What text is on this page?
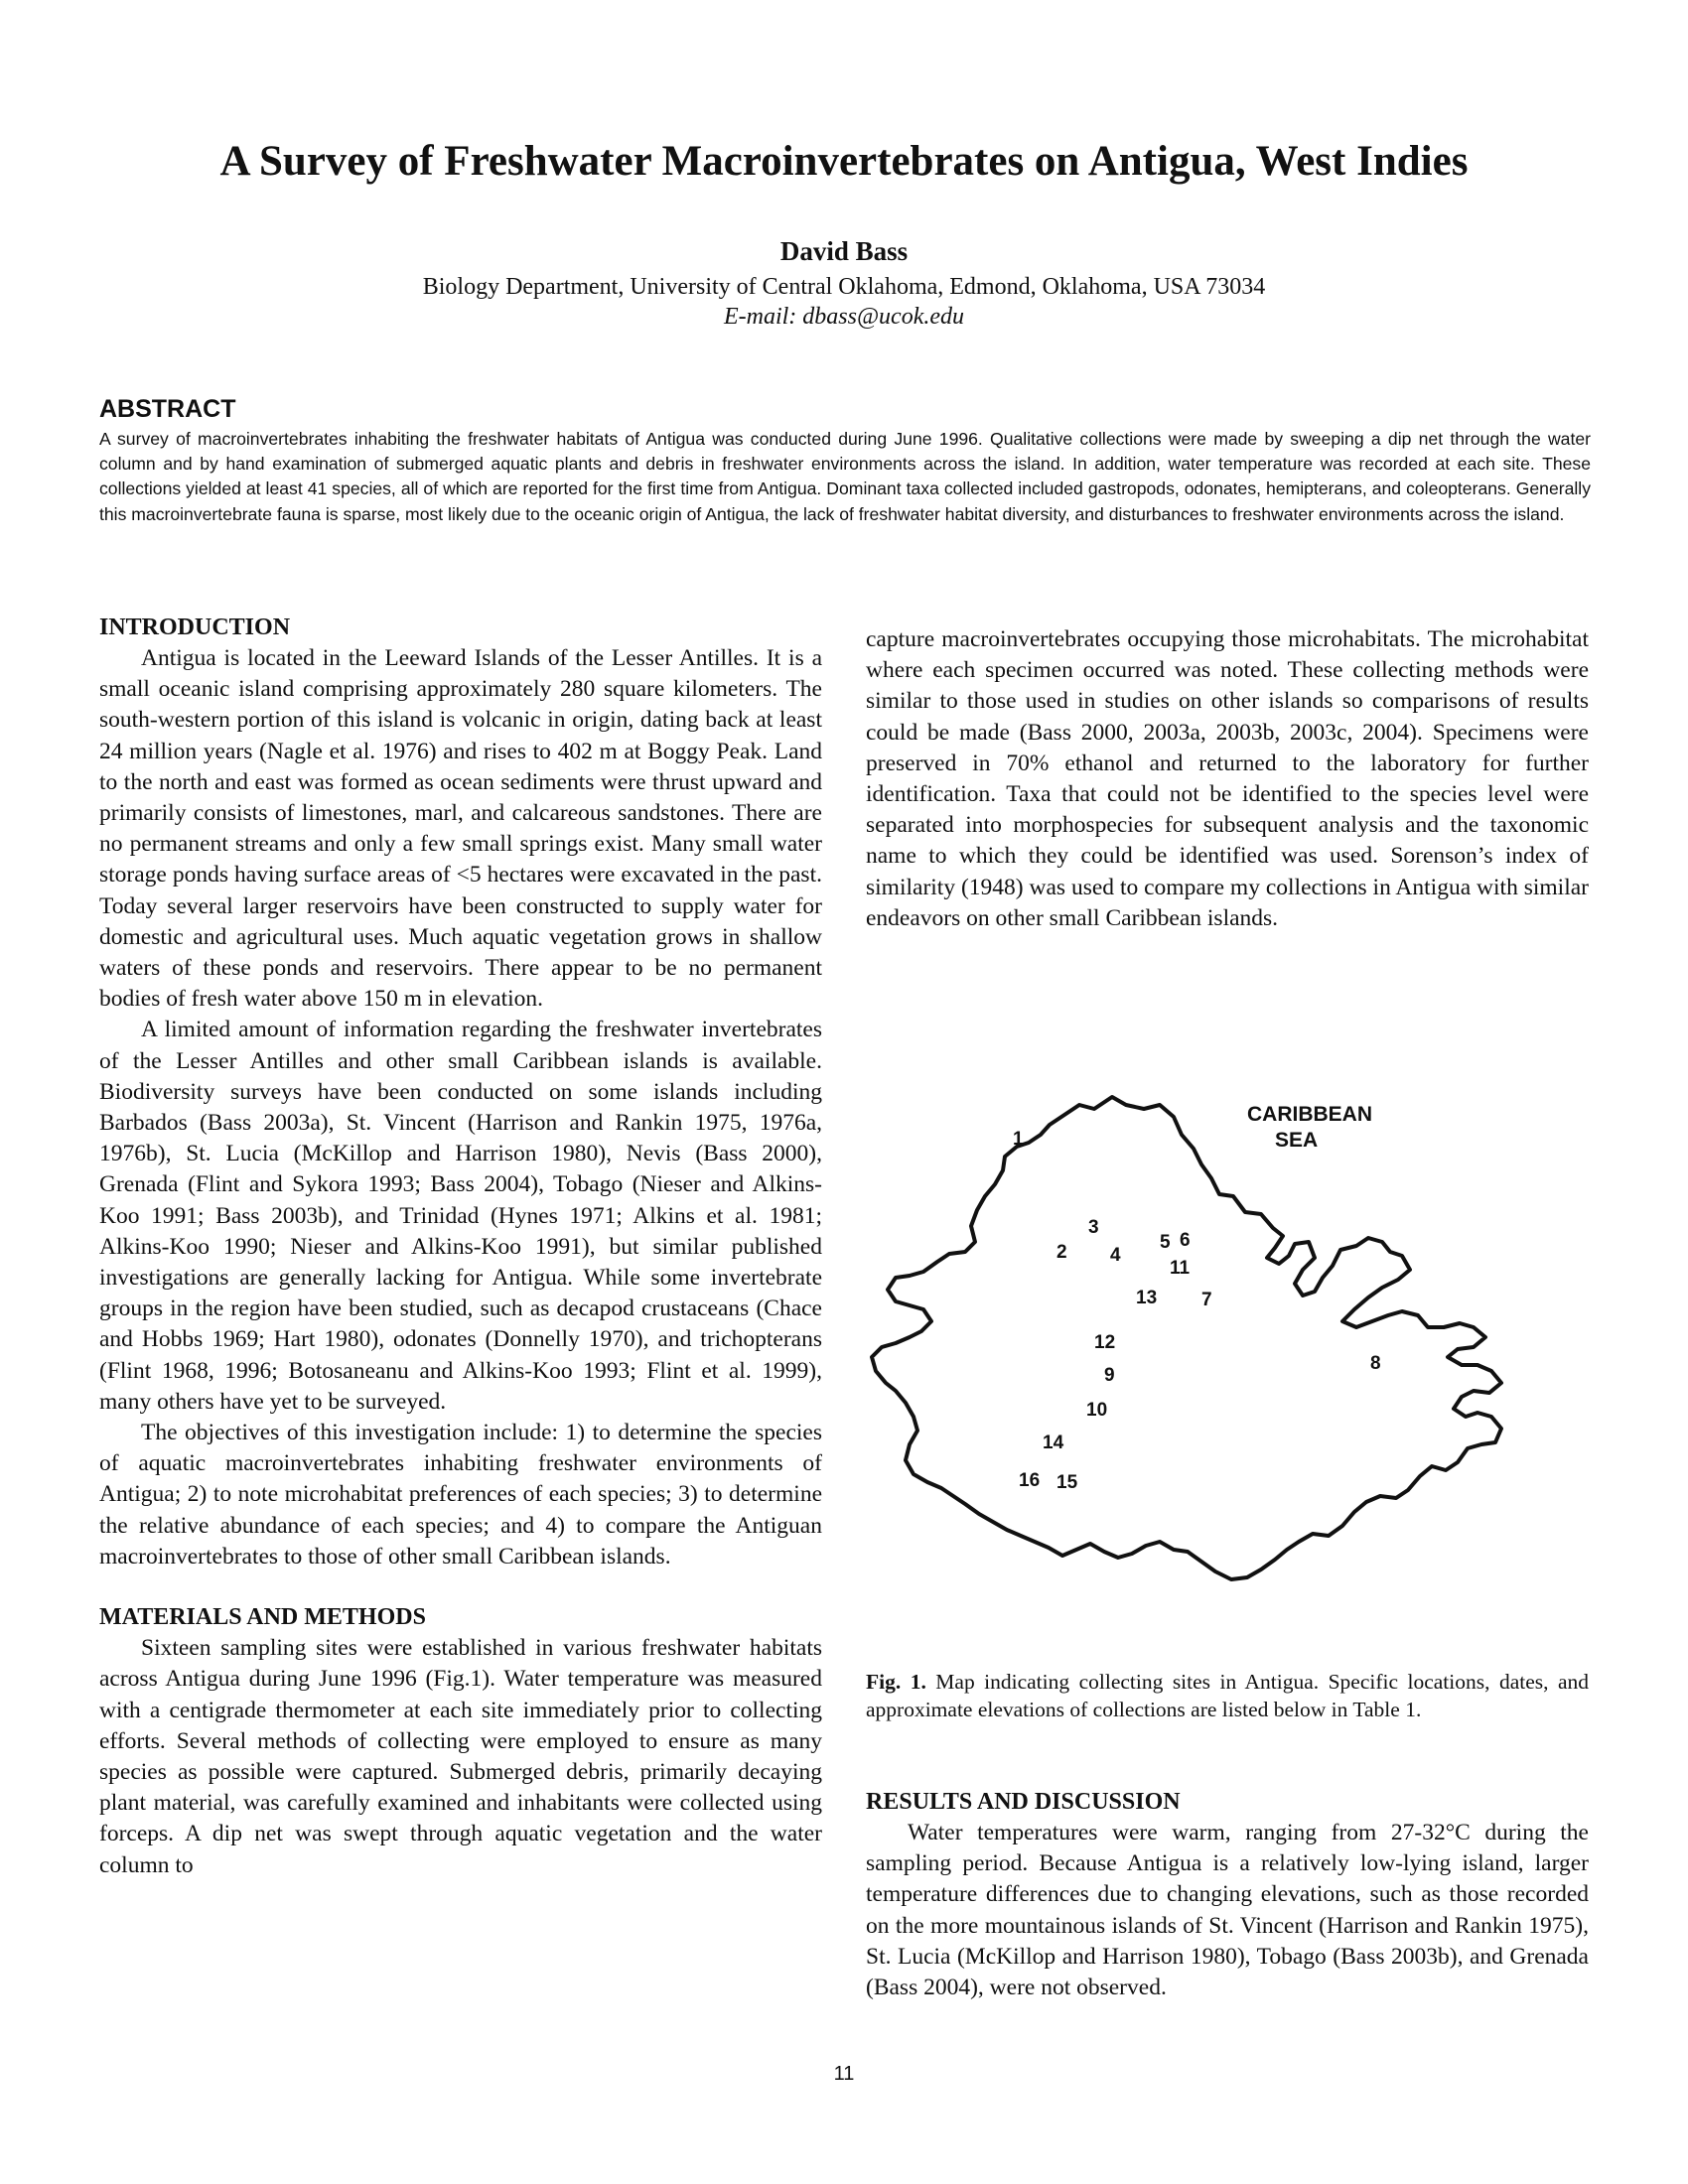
A Survey of Freshwater Macroinvertebrates on Antigua, West Indies
David Bass
Biology Department, University of Central Oklahoma, Edmond, Oklahoma, USA 73034
E-mail: dbass@ucok.edu
ABSTRACT

A survey of macroinvertebrates inhabiting the freshwater habitats of Antigua was conducted during June 1996. Qualitative collections were made by sweeping a dip net through the water column and by hand examination of submerged aquatic plants and debris in freshwater environments across the island. In addition, water temperature was recorded at each site. These collections yielded at least 41 species, all of which are reported for the first time from Antigua. Dominant taxa collected included gastropods, odonates, hemipterans, and coleopterans. Generally this macroinvertebrate fauna is sparse, most likely due to the oceanic origin of Antigua, the lack of freshwater habitat diversity, and disturbances to freshwater environments across the island.

INTRODUCTION

Antigua is located in the Leeward Islands of the Lesser Antilles. It is a small oceanic island comprising approximately 280 square kilometers. The south-western portion of this island is volcanic in origin, dating back at least 24 million years (Nagle et al. 1976) and rises to 402 m at Boggy Peak. Land to the north and east was formed as ocean sediments were thrust upward and primarily consists of limestones, marl, and calcareous sandstones. There are no permanent streams and only a few small springs exist. Many small water storage ponds having surface areas of <5 hectares were excavated in the past. Today several larger reservoirs have been constructed to supply water for domestic and agricultural uses. Much aquatic vegetation grows in shallow waters of these ponds and reservoirs. There appear to be no permanent bodies of fresh water above 150 m in elevation.

A limited amount of information regarding the freshwater invertebrates of the Lesser Antilles and other small Caribbean islands is available. Biodiversity surveys have been conducted on some islands including Barbados (Bass 2003a), St. Vincent (Harrison and Rankin 1975, 1976a, 1976b), St. Lucia (McKillop and Harrison 1980), Nevis (Bass 2000), Grenada (Flint and Sykora 1993; Bass 2004), Tobago (Nieser and Alkins-Koo 1991; Bass 2003b), and Trinidad (Hynes 1971; Alkins et al. 1981; Alkins-Koo 1990; Nieser and Alkins-Koo 1991), but similar published investigations are generally lacking for Antigua. While some invertebrate groups in the region have been studied, such as decapod crustaceans (Chace and Hobbs 1969; Hart 1980), odonates (Donnelly 1970), and trichopterans (Flint 1968, 1996; Botosaneanu and Alkins-Koo 1993; Flint et al. 1999), many others have yet to be surveyed.

The objectives of this investigation include: 1) to determine the species of aquatic macroinvertebrates inhabiting freshwater environments of Antigua; 2) to note microhabitat preferences of each species; 3) to determine the relative abundance of each species; and 4) to compare the Antiguan macroinvertebrates to those of other small Caribbean islands.

MATERIALS AND METHODS

Sixteen sampling sites were established in various freshwater habitats across Antigua during June 1996 (Fig.1). Water temperature was measured with a centigrade thermometer at each site immediately prior to collecting efforts. Several methods of collecting were employed to ensure as many species as possible were captured. Submerged debris, primarily decaying plant material, was carefully examined and inhabitants were collected using forceps. A dip net was swept through aquatic vegetation and the water column to

capture macroinvertebrates occupying those microhabitats. The microhabitat where each specimen occurred was noted. These collecting methods were similar to those used in studies on other islands so comparisons of results could be made (Bass 2000, 2003a, 2003b, 2003c, 2004). Specimens were preserved in 70% ethanol and returned to the laboratory for further identification. Taxa that could not be identified to the species level were separated into morphospecies for subsequent analysis and the taxonomic name to which they could be identified was used. Sorenson’s index of similarity (1948) was used to compare my collections in Antigua with similar endeavors on other small Caribbean islands.

CARIBBEAN
SEA
1
3
2 4
5 6
11
13 7
12
8
9
10
14
16 15

Fig. 1. Map indicating collecting sites in Antigua. Specific locations, dates, and approximate elevations of collections are listed below in Table 1.

RESULTS AND DISCUSSION

Water temperatures were warm, ranging from 27-32°C during the sampling period. Because Antigua is a relatively low-lying island, larger temperature differences due to changing elevations, such as those recorded on the more mountainous islands of St. Vincent (Harrison and Rankin 1975), St. Lucia (McKillop and Harrison 1980), Tobago (Bass 2003b), and Grenada (Bass 2004), were not observed.

11
